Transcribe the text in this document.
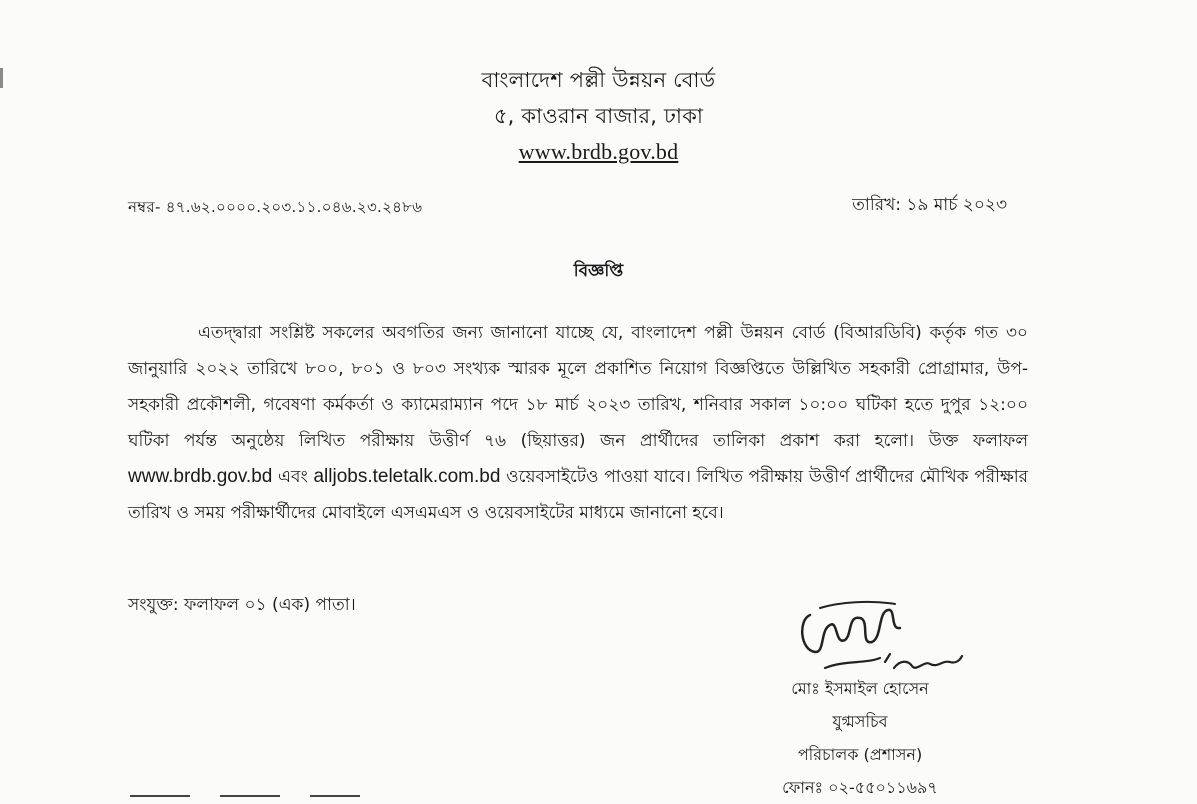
বাংলাদেশ পল্লী উন্নয়ন বোর্ড
৫, কাওরান বাজার, ঢাকা
www.brdb.gov.bd
নম্বর- ৪৭.৬২.০০০০.২০৩.১১.০৪৬.২৩.২৪৮৬	তারিখ: ১৯ মার্চ ২০২৩
বিজ্ঞপ্তি
এতদ্দ্বারা সংশ্লিষ্ট সকলের অবগতির জন্য জানানো যাচ্ছে যে, বাংলাদেশ পল্লী উন্নয়ন বোর্ড (বিআরডিবি) কর্তৃক গত ৩০ জানুয়ারি ২০২২ তারিখে ৮০০, ৮০১ ও ৮০৩ সংখ্যক স্মারক মূলে প্রকাশিত নিয়োগ বিজ্ঞপ্তিতে উল্লিখিত সহকারী প্রোগ্রামার, উপ-সহকারী প্রকৌশলী, গবেষণা কর্মকর্তা ও ক্যামেরাম্যান পদে ১৮ মার্চ ২০২৩ তারিখ, শনিবার সকাল ১০:০০ ঘটিকা হতে দুপুর ১২:০০ ঘটিকা পর্যন্ত অনুষ্ঠেয় লিখিত পরীক্ষায় উত্তীর্ণ ৭৬ (ছিয়াত্তর) জন প্রার্থীদের তালিকা প্রকাশ করা হলো। উক্ত ফলাফল www.brdb.gov.bd এবং alljobs.teletalk.com.bd ওয়েবসাইটেও পাওয়া যাবে। লিখিত পরীক্ষায় উত্তীর্ণ প্রার্থীদের মৌখিক পরীক্ষার তারিখ ও সময় পরীক্ষার্থীদের মোবাইলে এসএমএস ও ওয়েবসাইটের মাধ্যমে জানানো হবে।
সংযুক্ত: ফলাফল ০১ (এক) পাতা।
মোঃ ইসমাইল হোসেন
যুগ্মসচিব
পরিচালক (প্রশাসন)
ফোনঃ ০২-৫৫০১১৬৯৭
